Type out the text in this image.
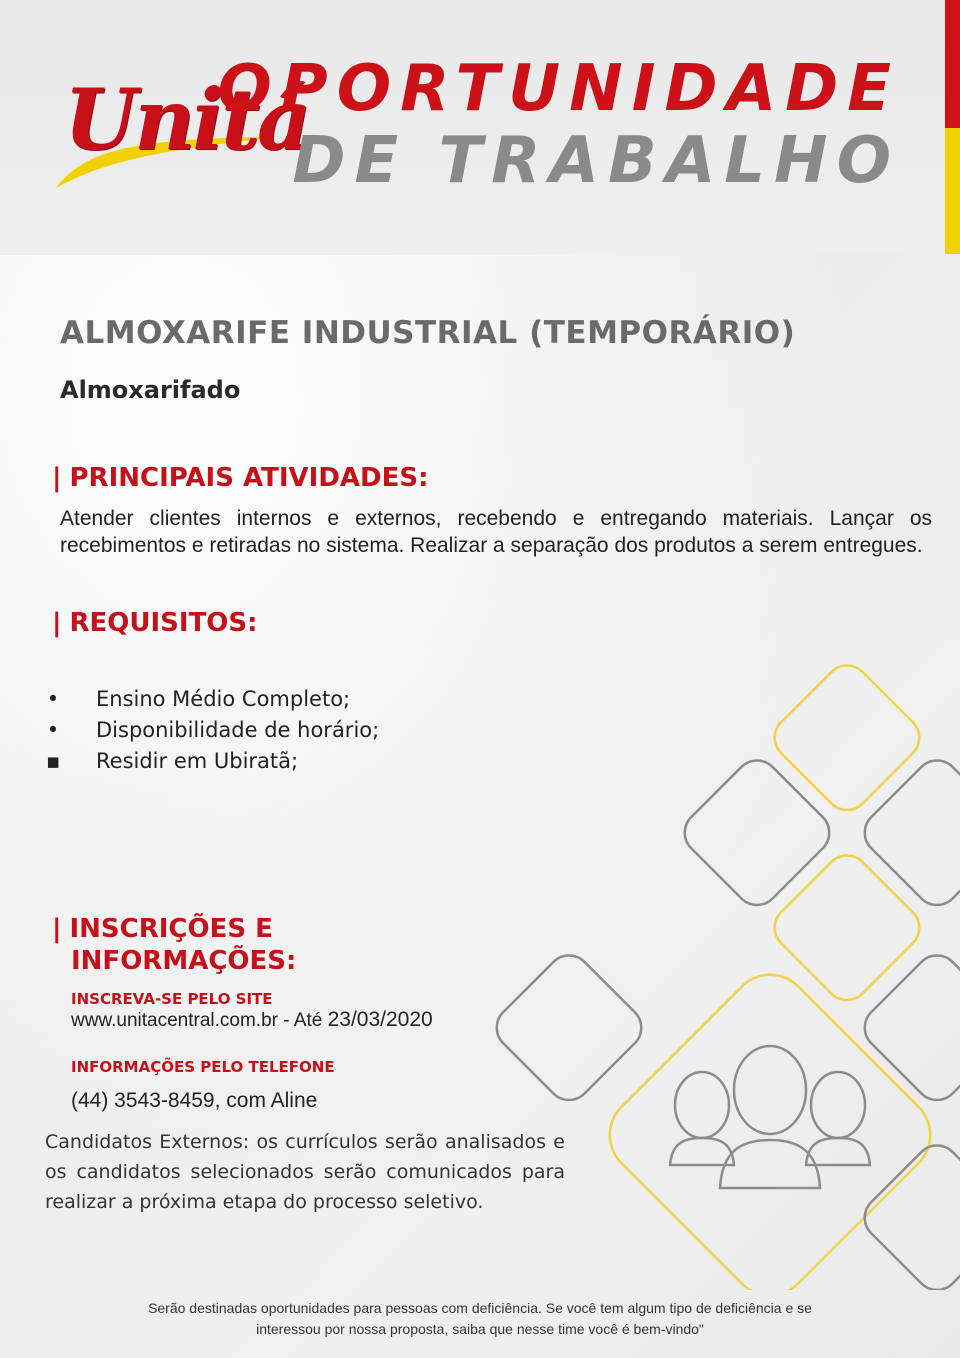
Unitá
OPORTUNIDADE
DE TRABALHO
ALMOXARIFE INDUSTRIAL (TEMPORÁRIO)
Almoxarifado
| PRINCIPAIS ATIVIDADES:
Atender clientes internos e externos, recebendo e entregando materiais. Lançar os recebimentos e retiradas no sistema. Realizar a separação dos produtos a serem entregues.
| REQUISITOS:
• Ensino Médio Completo;
• Disponibilidade de horário;
▪ Residir em Ubiratã;
| INSCRIÇÕES E
INFORMAÇÕES:
INSCREVA-SE PELO SITE
www.unitacentral.com.br - Até 23/03/2020
INFORMAÇÕES PELO TELEFONE
(44) 3543-8459, com Aline
Candidatos Externos: os currículos serão analisados e os candidatos selecionados serão comunicados para realizar a próxima etapa do processo seletivo.
Serão destinadas oportunidades para pessoas com deficiência. Se você tem algum tipo de deficiência e se
interessou por nossa proposta, saiba que nesse time você é bem-vindo"
